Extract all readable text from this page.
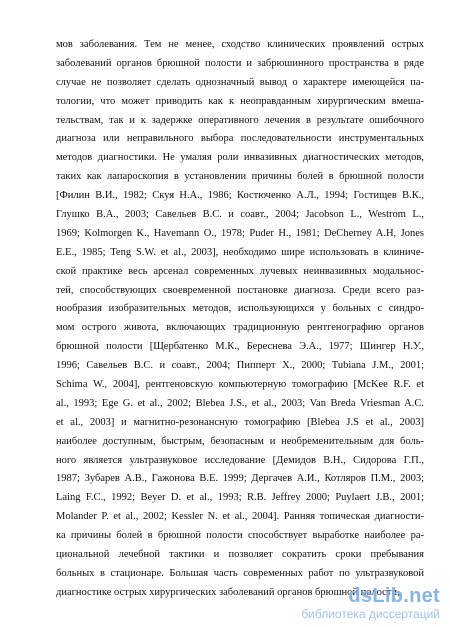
мов заболевания. Тем не менее, сходство клинических проявлений острых
заболеваний органов брюшной полости и забрюшинного пространства в ряде
случае не позволяет сделать однозначный вывод о характере имеющейся па-
тологии, что может приводить как к неоправданным хирургическим вмеша-
тельствам, так и к задержке оперативного лечения в результате ошибочного
диагноза или неправильного выбора последовательности инструментальных
методов диагностики. Не умаляя роли инвазивных диагностических методов,
таких как лапароскопия в установлении причины болей в брюшной полости
[Филин В.И., 1982; Скуя Н.А., 1986; Костюченко А.Л., 1994; Гостищев В.К.,
Глушко В.А., 2003; Савельев В.С. и соавт., 2004; Jacobson L., Westrom L.,
1969; Kolmorgen K., Havemann O., 1978; Puder H., 1981; DeCherney A.H, Jones
E.E., 1985; Teng S.W. et al., 2003], необходимо шире использовать в клиниче-
ской практике весь арсенал современных лучевых неинвазивных модальнос-
тей, способствующих своевременной постановке диагноза. Среди всего раз-
нообразия изобразительных методов, использующихся у больных с синдро-
мом острого живота, включающих традиционную рентгенографию органов
брюшной полости [Щербатенко М.К., Береснева Э.А., 1977; Шингер Н.У.,
1996; Савельев В.С. и соавт., 2004; Пипперт Х., 2000; Tubiana J.M., 2001;
Schima W., 2004], рентгеновскую компьютерную томографию [McKee R.F. et
al., 1993; Ege G. et al., 2002; Blebea J.S., et al., 2003; Van Breda Vriesman A.C.
et al., 2003] и магнитно-резонансную томографию [Blebea J.S et al., 2003]
наиболее доступным, быстрым, безопасным и необременительным для боль-
ного является ультразвуковое исследование [Демидов В.Н., Сидорова Г.П.,
1987; Зубарев А.В., Гажонова В.Е. 1999; Дергачев А.И., Котляров П.М., 2003;
Laing F.C., 1992; Beyer D. et al., 1993; R.B. Jeffrey 2000; Puylaert J.B., 2001;
Molander P. et al., 2002; Kessler N. et al., 2004]. Ранняя топическая диагности-
ка причины болей в брюшной полости способствует выработке наиболее ра-
циональной лечебной тактики и позволяет сократить сроки пребывания
больных в стационаре. Большая часть современных работ по ультразвуковой
диагностике острых хирургических заболеваний органов брюшной полости,
dsLib.net
библиотека диссертаций
